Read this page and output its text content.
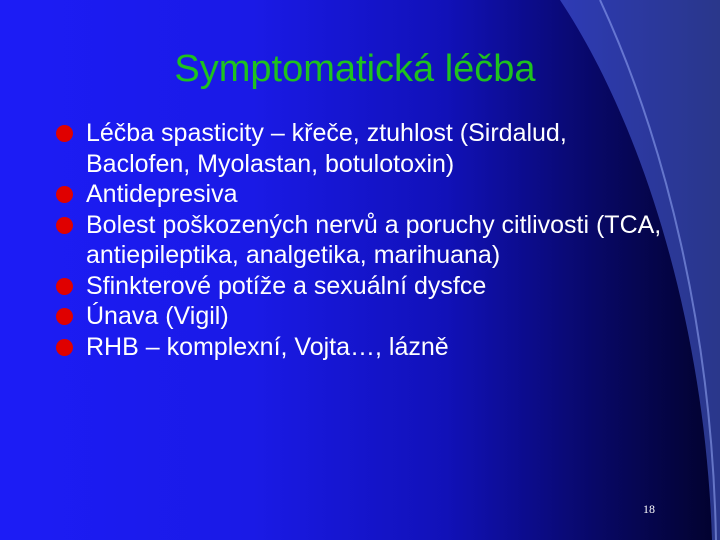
Symptomatická léčba
Léčba spasticity – křeče, ztuhlost (Sirdalud, Baclofen, Myolastan, botulotoxin)
Antidepresiva
Bolest poškozených nervů a poruchy citlivosti (TCA, antiepileptika, analgetika, marihuana)
Sfinkterové potíže a sexuální dysfce
Únava (Vigil)
RHB – komplexní, Vojta…, lázně
18
